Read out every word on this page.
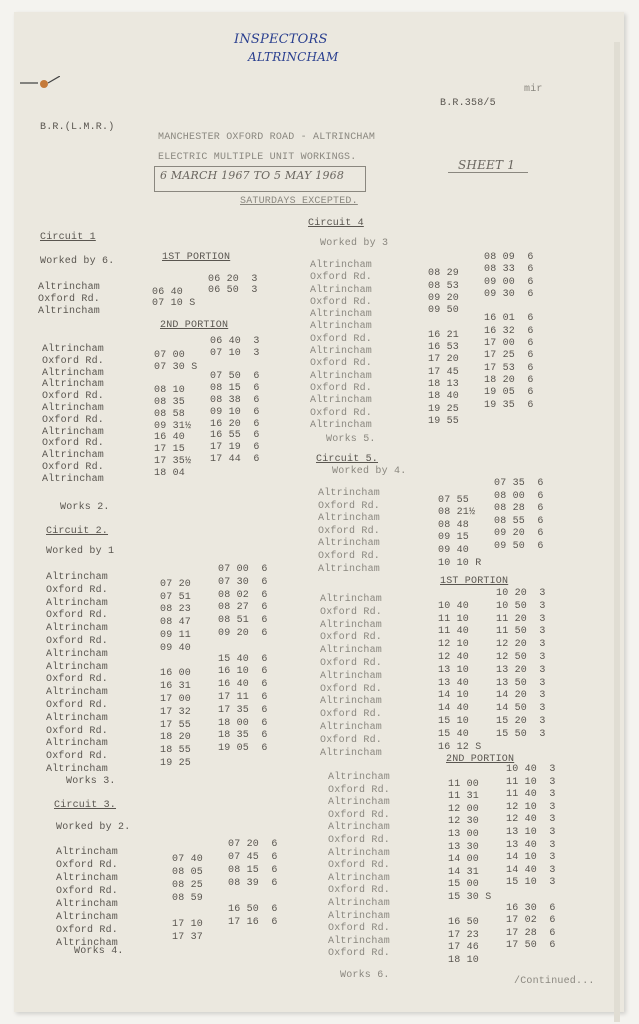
INSPECTORS
ALTRINCHAM
B.R.(L.M.R.)
B.R.358/5
mir
MANCHESTER OXFORD ROAD - ALTRINCHAM
ELECTRIC MULTIPLE UNIT WORKINGS.
6 MARCH 1967 TO 5 MAY 1968
SATURDAYS EXCEPTED.
SHEET 1
Circuit 1
Worked by 6.	1ST PORTION
Altrincham
Oxford Rd.
Altrincham

06 40
07 10 S
06 20  3
06 50  3
2ND PORTION
Altrincham
Oxford Rd.
Altrincham
Altrincham
Oxford Rd.
Altrincham
Oxford Rd.
Altrincham
Oxford Rd.
Altrincham
Oxford Rd.
Altrincham

07 00
07 30 S

08 10
08 35
08 58
09 31½
16 40
17 15
17 35½
18 04
06 40  3
07 10  3

07 50  6
08 15  6
08 38  6
09 10  6
16 20  6
16 55  6
17 19  6
17 44  6

Works 2.
Circuit 2.
Worked by 1
Altrincham
Oxford Rd.
Altrincham
Oxford Rd.
Altrincham
Oxford Rd.
Altrincham
Altrincham
Oxford Rd.
Altrincham
Oxford Rd.
Altrincham
Oxford Rd.
Altrincham
Oxford Rd.
Altrincham

07 20
07 51
08 23
08 47
09 11
09 40

16 00
16 31
17 00
17 32
17 55
18 20
18 55
19 25
07 00  6
07 30  6
08 02  6
08 27  6
08 51  6
09 20  6

15 40  6
16 10  6
16 40  6
17 11  6
17 35  6
18 00  6
18 35  6
19 05  6

Works 3.
Circuit 3.
Worked by 2.
Altrincham
Oxford Rd.
Altrincham
Oxford Rd.
Altrincham
Altrincham
Oxford Rd.
Altrincham

07 40
08 05
08 25
08 59

17 10
17 37
07 20  6
07 45  6
08 15  6
08 39  6

16 50  6
17 16  6

Works 4.
Circuit 4
Worked by 3
Altrincham
Oxford Rd.
Altrincham
Oxford Rd.
Altrincham
Altrincham
Oxford Rd.
Altrincham
Oxford Rd.
Altrincham
Oxford Rd.
Altrincham
Oxford Rd.
Altrincham

08 29
08 53
09 20
09 50

16 21
16 53
17 20
17 45
18 13
18 40
19 25
19 55
08 09  6
08 33  6
09 00  6
09 30  6

16 01  6
16 32  6
17 00  6
17 25  6
17 53  6
18 20  6
19 05  6
19 35  6

Works 5.
Circuit 5.
Worked by 4.
Altrincham
Oxford Rd.
Altrincham
Oxford Rd.
Altrincham
Oxford Rd.
Altrincham

07 55
08 21½
08 48
09 15
09 40
10 10 R
07 35  6
08 00  6
08 28  6
08 55  6
09 20  6
09 50  6

1ST PORTION
Altrincham
Oxford Rd.
Altrincham
Oxford Rd.
Altrincham
Oxford Rd.
Altrincham
Oxford Rd.
Altrincham
Oxford Rd.
Altrincham
Oxford Rd.
Altrincham

10 40
11 10
11 40
12 10
12 40
13 10
13 40
14 10
14 40
15 10
15 40
16 12 S
10 20  3
10 50  3
11 20  3
11 50  3
12 20  3
12 50  3
13 20  3
13 50  3
14 20  3
14 50  3
15 20  3
15 50  3

2ND PORTION
Altrincham
Oxford Rd.
Altrincham
Oxford Rd.
Altrincham
Oxford Rd.
Altrincham
Oxford Rd.
Altrincham
Oxford Rd.
Altrincham
Altrincham
Oxford Rd.
Altrincham
Oxford Rd.

11 00
11 31
12 00
12 30
13 00
13 30
14 00
14 31
15 00
15 30 S

16 50
17 23
17 46
18 10
10 40  3
11 10  3
11 40  3
12 10  3
12 40  3
13 10  3
13 40  3
14 10  3
14 40  3
15 10  3

16 30  6
17 02  6
17 28  6
17 50  6

Works 6.
/Continued...
